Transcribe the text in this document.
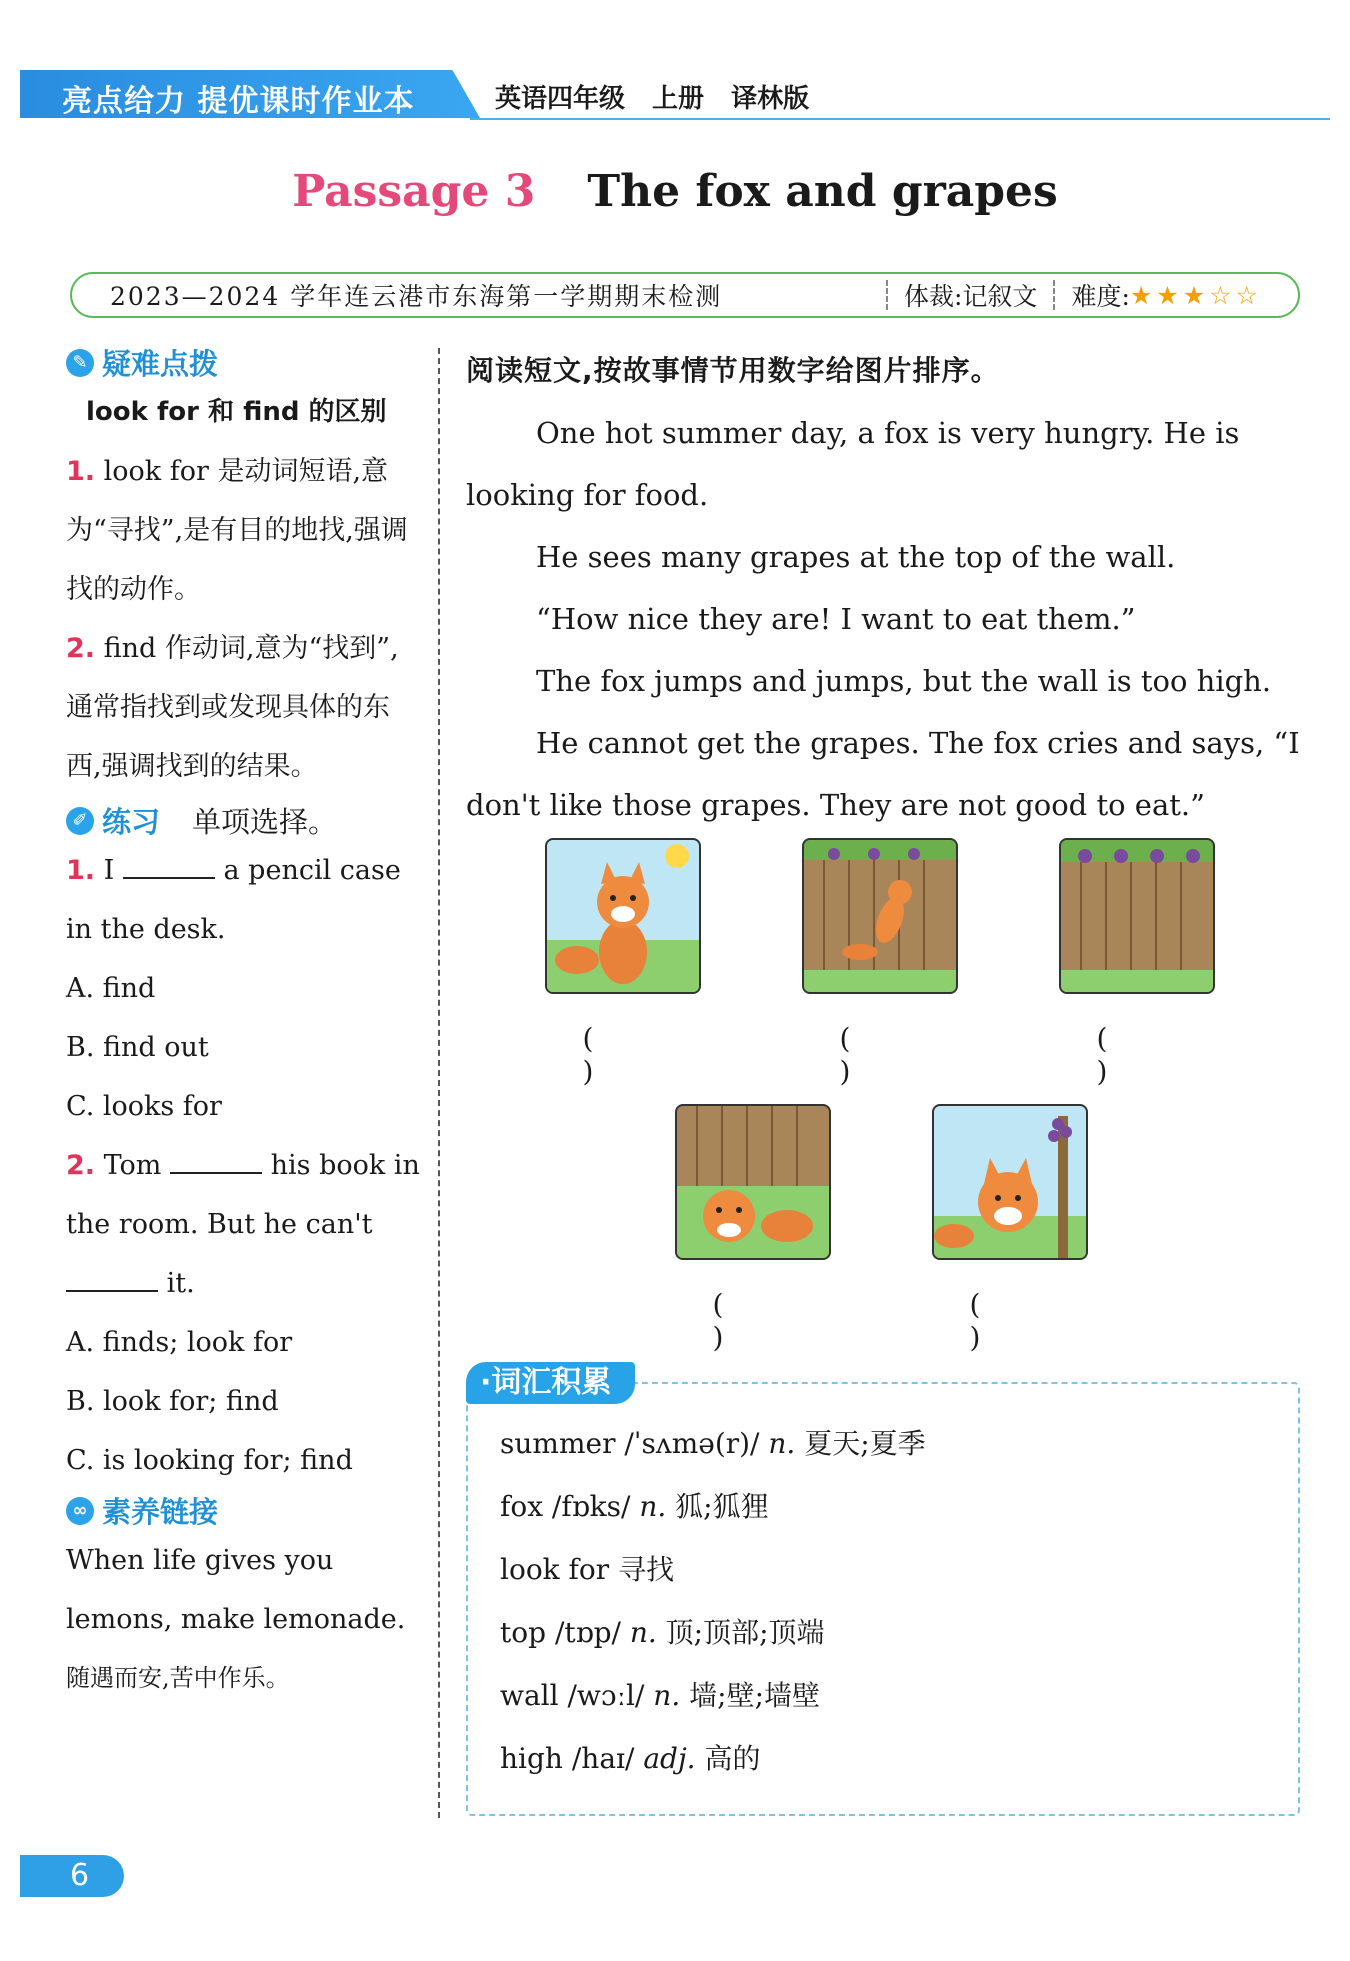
亮点给力 提优课时作业本	英语四年级 上册 译林版
Passage 3 The fox and grapes
2023—2024 学年连云港市东海第一学期期末检测	体裁:记叙文 难度: ★★★☆☆
✎ 疑难点拨

look for 和 find 的区别

1. look for 是动词短语,意为“寻找”,是有目的地找,强调找的动作。

2. find 作动词,意为“找到”,通常指找到或发现具体的东西,强调找到的结果。

✐ 练习 单项选择。

1. I	a pencil case in the desk.

A. find

B. find out

C. looks for

2. Tom	his book in the room. But he can't  it.

A. finds; look for

B. look for; find

C. is looking for; find

∞ 素养链接

When life gives you lemons, make lemonade.

随遇而安,苦中作乐。

阅读短文,按故事情节用数字给图片排序。

One hot summer day, a fox is very hungry. He is looking for food.

He sees many grapes at the top of the wall.

“How nice they are! I want to eat them.”

The fox jumps and jumps, but the wall is too high.

He cannot get the grapes. The fox cries and says, “I don't like those grapes. They are not good to eat.”

( )
( )
( )
( )
( )
·词汇积累
summer /ˈsʌmə(r)/ n. 夏天;夏季
fox /fɒks/ n. 狐;狐狸
look for 寻找
top /tɒp/ n. 顶;顶部;顶端
wall /wɔːl/ n. 墙;壁;墙壁
high /haɪ/ adj. 高的
6
